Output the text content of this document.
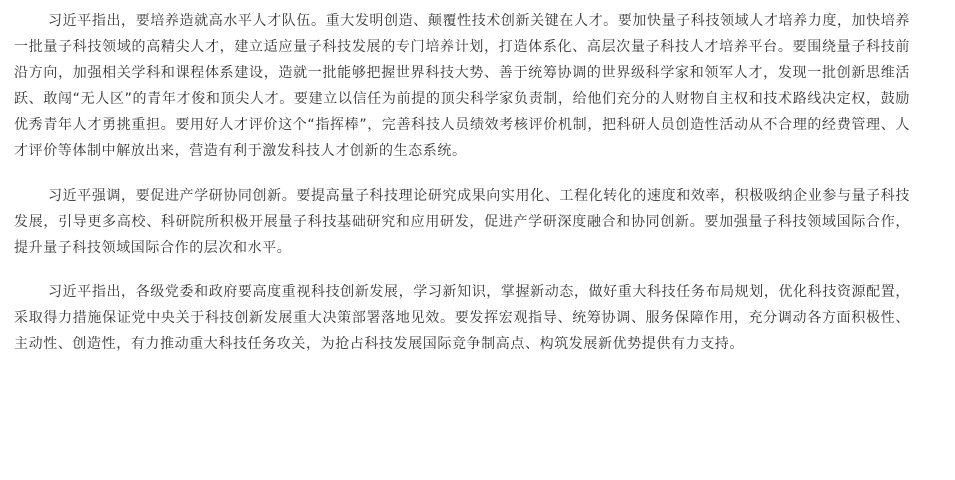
习近平指出，要培养造就高水平人才队伍。重大发明创造、颠覆性技术创新关键在人才。要加快量子科技领域人才培养力度，加快培养一批量子科技领域的高精尖人才，建立适应量子科技发展的专门培养计划，打造体系化、高层次量子科技人才培养平台。要围绕量子科技前沿方向，加强相关学科和课程体系建设，造就一批能够把握世界科技大势、善于统筹协调的世界级科学家和领军人才，发现一批创新思维活跃、敢闯“无人区”的青年才俊和顶尖人才。要建立以信任为前提的顶尖科学家负责制，给他们充分的人财物自主权和技术路线决定权，鼓励优秀青年人才勇挑重担。要用好人才评价这个“指挥棒”，完善科技人员绩效考核评价机制，把科研人员创造性活动从不合理的经费管理、人才评价等体制中解放出来，营造有利于激发科技人才创新的生态系统。

习近平强调，要促进产学研协同创新。要提高量子科技理论研究成果向实用化、工程化转化的速度和效率，积极吸纳企业参与量子科技发展，引导更多高校、科研院所积极开展量子科技基础研究和应用研发，促进产学研深度融合和协同创新。要加强量子科技领域国际合作，提升量子科技领域国际合作的层次和水平。

习近平指出，各级党委和政府要高度重视科技创新发展，学习新知识，掌握新动态，做好重大科技任务布局规划，优化科技资源配置，采取得力措施保证党中央关于科技创新发展重大决策部署落地见效。要发挥宏观指导、统筹协调、服务保障作用，充分调动各方面积极性、主动性、创造性，有力推动重大科技任务攻关，为抢占科技发展国际竞争制高点、构筑发展新优势提供有力支持。
